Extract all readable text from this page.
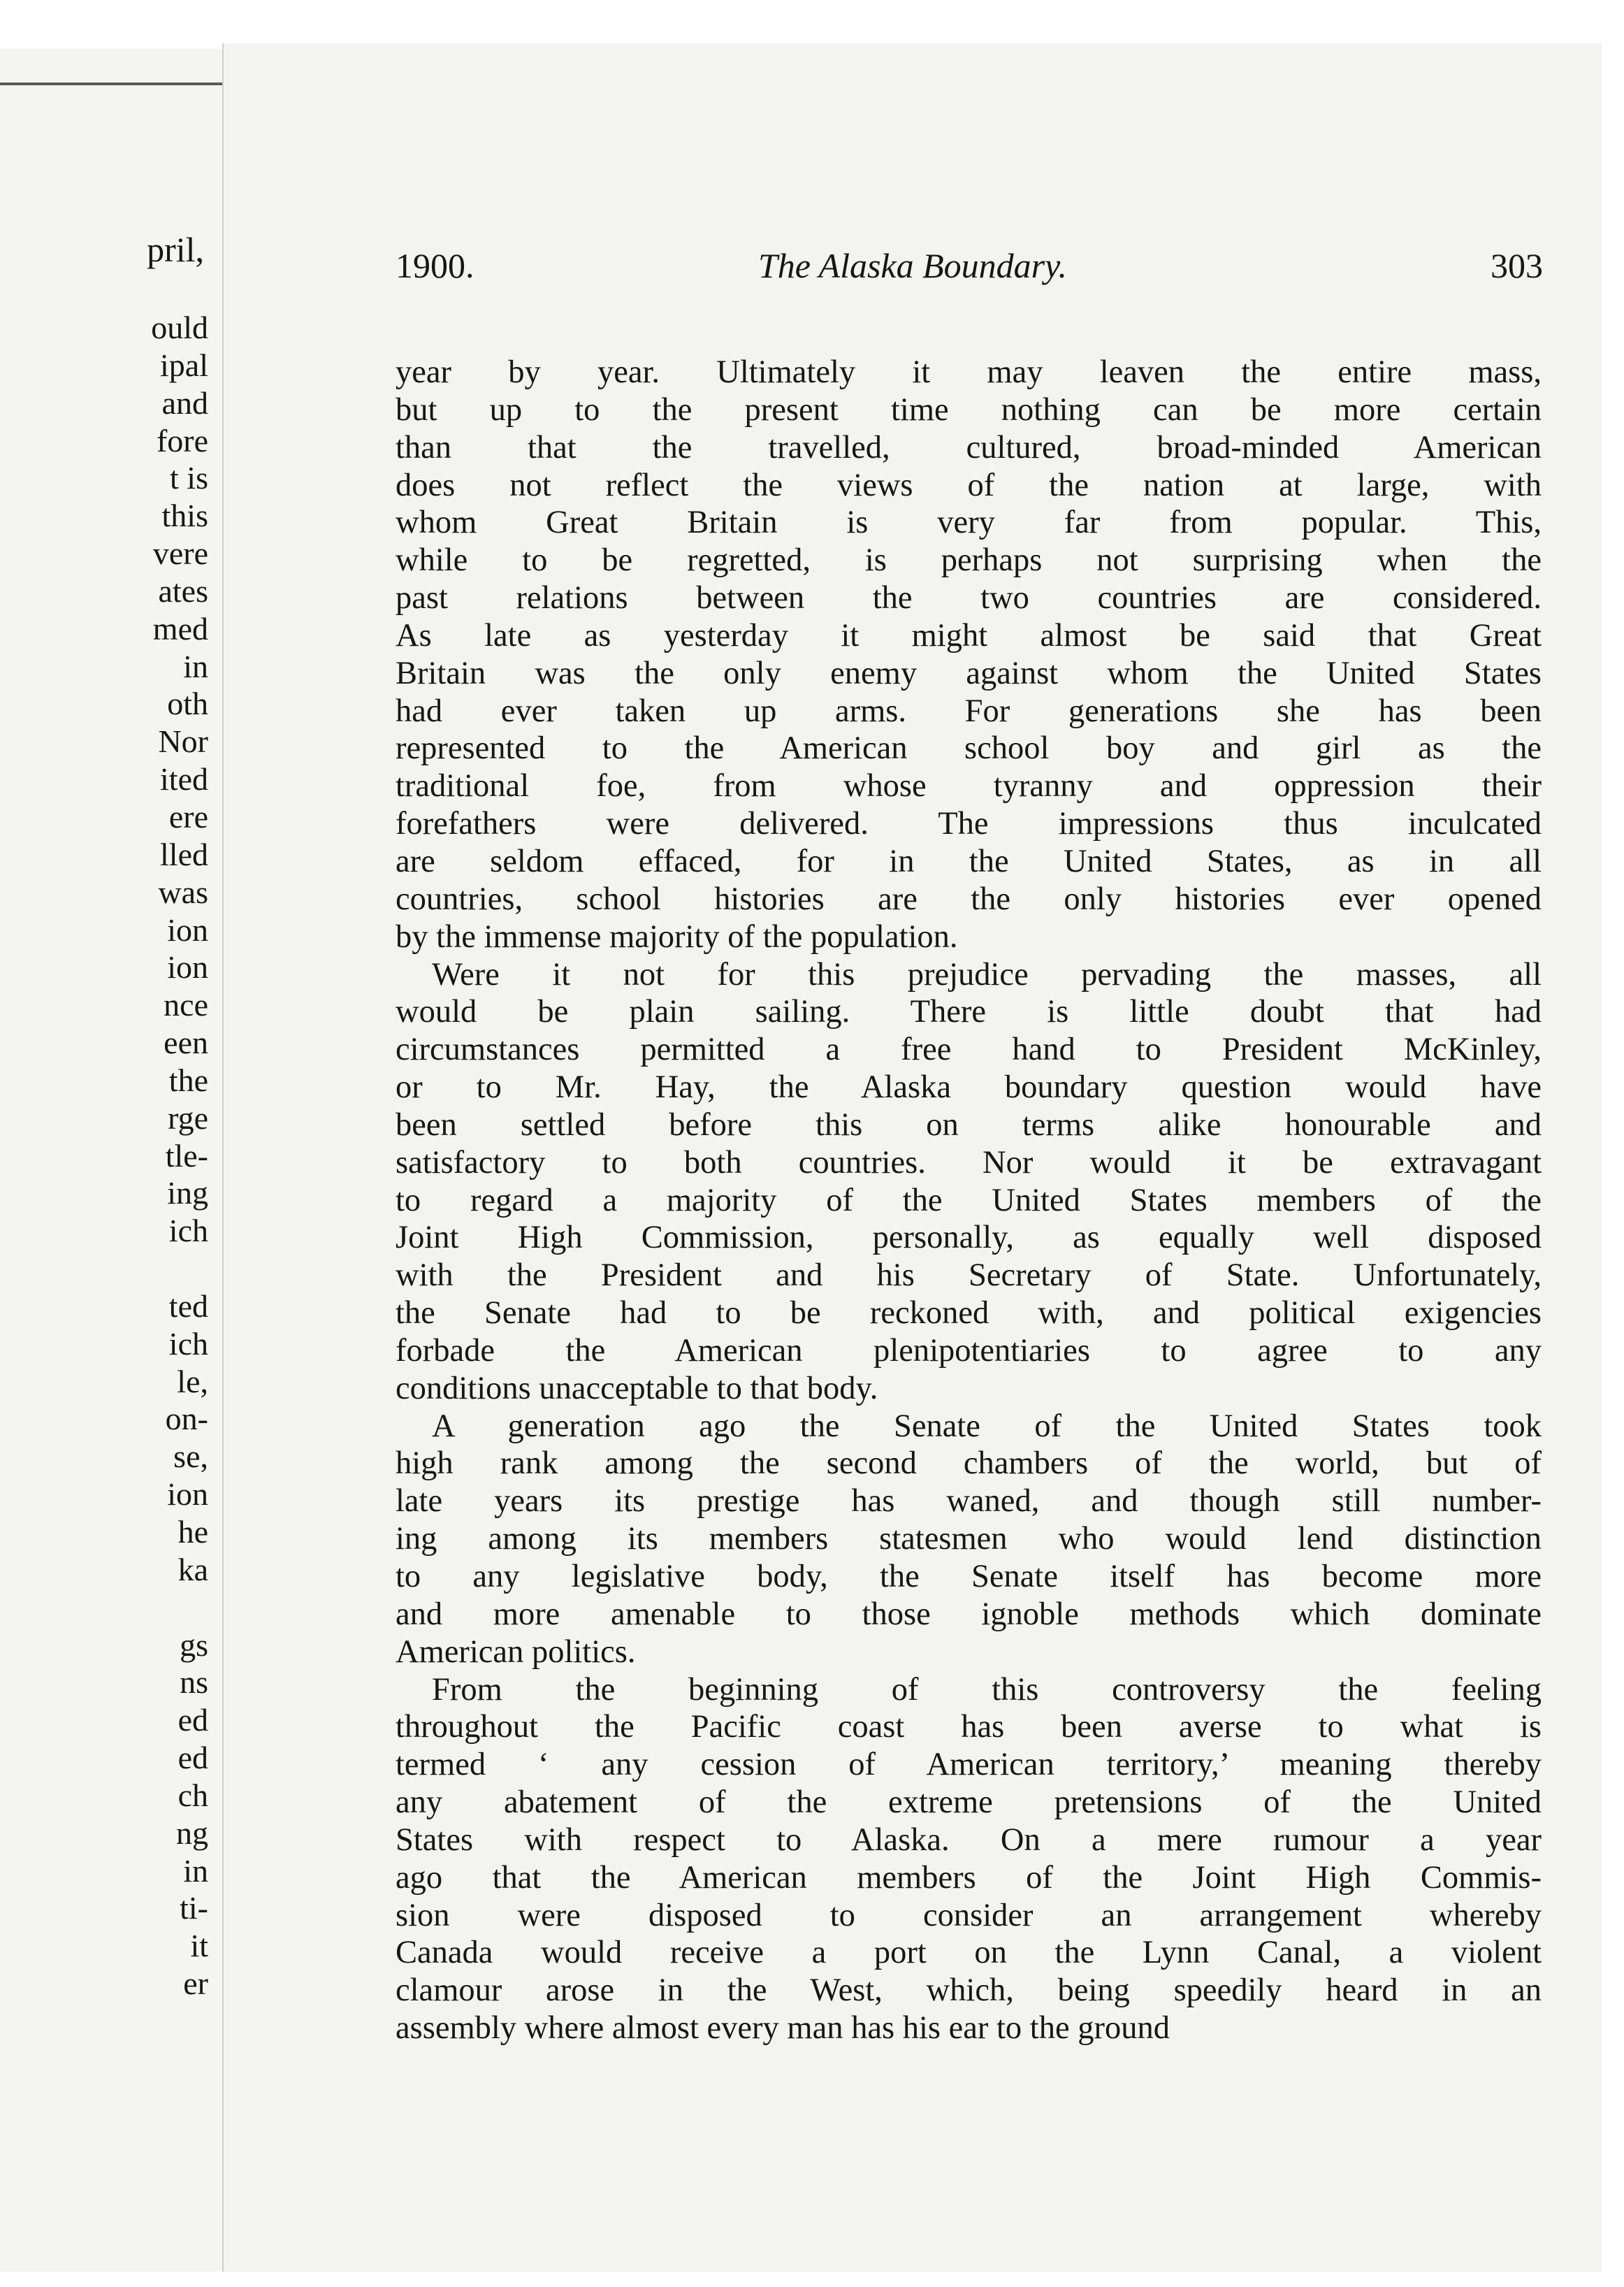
pril,

ould
ipal
and
fore
t is
this
vere
ates
med
in
oth
Nor
ited
ere
lled
was
ion
ion
nce
een
the
rge
tle-
ing
ich
ted
ich
le,
on-
se,
ion
he
ka
gs
ns
ed
ed
ch
ng
in
ti-
it
er
1900.	The Alaska Boundary.	303
year by year. Ultimately it may leaven the entire mass,
but up to the present time nothing can be more certain
than that the travelled, cultured, broad-minded American
does not reflect the views of the nation at large, with
whom Great Britain is very far from popular. This,
while to be regretted, is perhaps not surprising when the
past relations between the two countries are considered.
As late as yesterday it might almost be said that Great
Britain was the only enemy against whom the United States
had ever taken up arms. For generations she has been
represented to the American school boy and girl as the
traditional foe, from whose tyranny and oppression their
forefathers were delivered. The impressions thus inculcated
are seldom effaced, for in the United States, as in all
countries, school histories are the only histories ever opened
by the immense majority of the population.
Were it not for this prejudice pervading the masses, all
would be plain sailing. There is little doubt that had
circumstances permitted a free hand to President McKinley,
or to Mr. Hay, the Alaska boundary question would have
been settled before this on terms alike honourable and
satisfactory to both countries. Nor would it be extravagant
to regard a majority of the United States members of the
Joint High Commission, personally, as equally well disposed
with the President and his Secretary of State. Unfortunately,
the Senate had to be reckoned with, and political exigencies
forbade the American plenipotentiaries to agree to any
conditions unacceptable to that body.
A generation ago the Senate of the United States took
high rank among the second chambers of the world, but of
late years its prestige has waned, and though still number-
ing among its members statesmen who would lend distinction
to any legislative body, the Senate itself has become more
and more amenable to those ignoble methods which dominate
American politics.
From the beginning of this controversy the feeling
throughout the Pacific coast has been averse to what is
termed ‘ any cession of American territory,’ meaning thereby
any abatement of the extreme pretensions of the United
States with respect to Alaska. On a mere rumour a year
ago that the American members of the Joint High Commis-
sion were disposed to consider an arrangement whereby
Canada would receive a port on the Lynn Canal, a violent
clamour arose in the West, which, being speedily heard in an
assembly where almost every man has his ear to the ground
